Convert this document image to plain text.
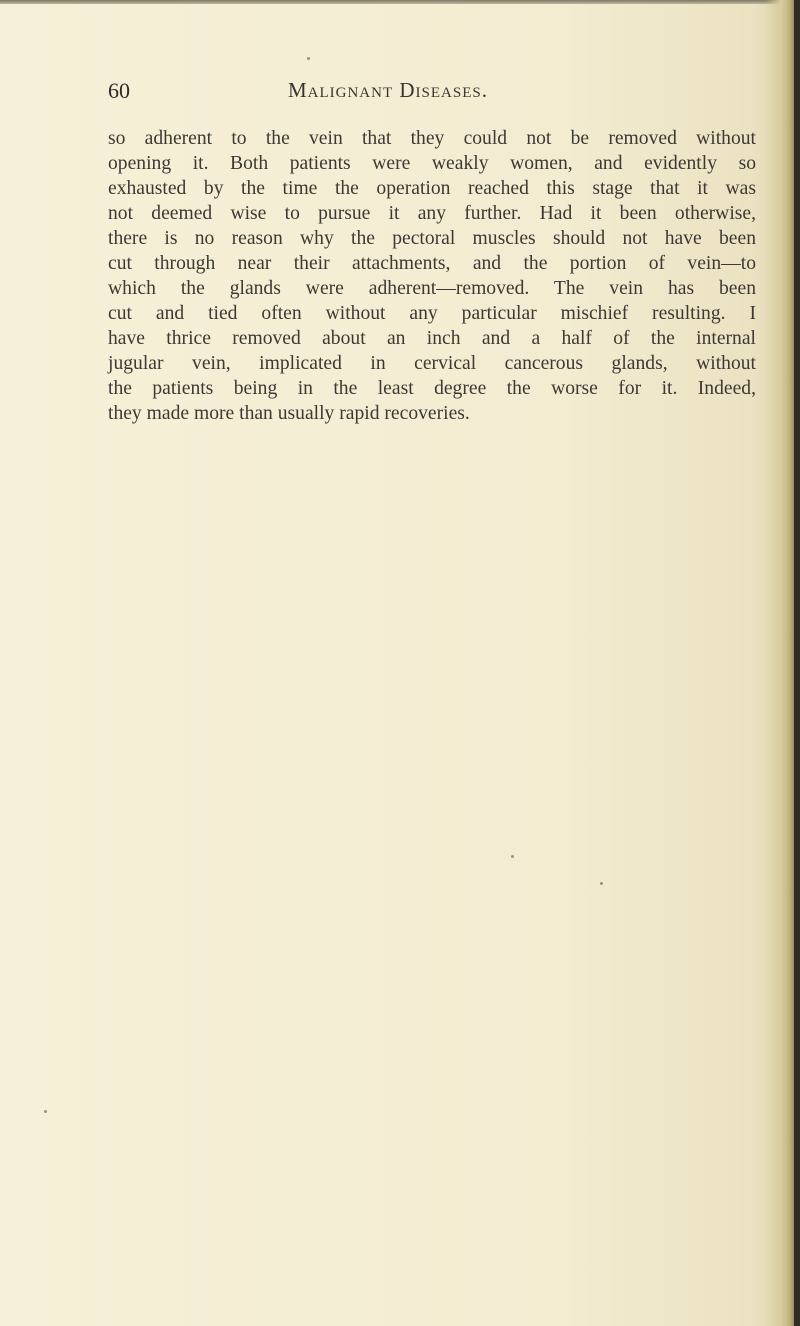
60	Malignant Diseases.
so adherent to the vein that they could not be removed without
opening it. Both patients were weakly women, and evidently so
exhausted by the time the operation reached this stage that it was
not deemed wise to pursue it any further. Had it been otherwise,
there is no reason why the pectoral muscles should not have been
cut through near their attachments, and the portion of vein—to
which the glands were adherent—removed. The vein has been
cut and tied often without any particular mischief resulting. I
have thrice removed about an inch and a half of the internal
jugular vein, implicated in cervical cancerous glands, without
the patients being in the least degree the worse for it. Indeed,
they made more than usually rapid recoveries.
